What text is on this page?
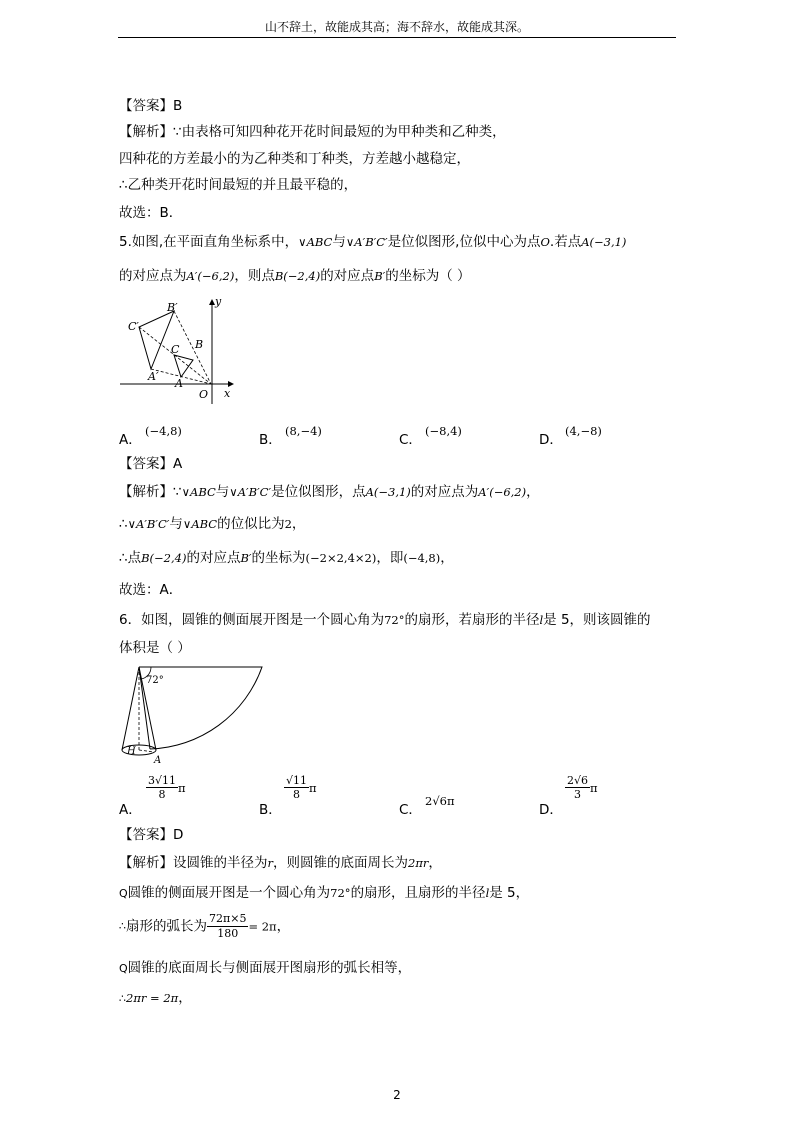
山不辞土，故能成其高；海不辞水，故能成其深。
【答案】B
【解析】∵由表格可知四种花开花时间最短的为甲种类和乙种类，
四种花的方差最小的为乙种类和丁种类，方差越小越稳定，
∴乙种类开花时间最短的并且最平稳的，
故选：B．
5.如图,在平面直角坐标系中，∨ABC与∨A′B′C′是位似图形,位似中心为点O.若点A(−3,1)
的对应点为A′(−6,2)，则点B(−2,4)的对应点B′的坐标为（ ）
B′
C′
A′
B
C
A
O x
y
A．
(−4,8)
B．
(8,−4)
C．
(−8,4)
D．
(4,−8)
【答案】A
【解析】∵∨ABC与∨A′B′C′是位似图形，点A(−3,1)的对应点为A′(−6,2)，
∴∨A′B′C′与∨ABC的位似比为2，
∴点B(−2,4)的对应点B′的坐标为(−2×2,4×2)，即(−4,8)，
故选：A．
6．如图，圆锥的侧面展开图是一个圆心角为72°的扇形，若扇形的半径l是 5，则该圆锥的
体积是（ ）
72°
H
A
A．
$\frac{3√11}{8}$ π
B．
$\frac{√11}{8}$ π
C．
2√6π
D．
$\frac{2√6}{3}$ π
【答案】D
【解析】设圆锥的半径为r，则圆锥的底面周长为2πr，
Q圆锥的侧面展开图是一个圆心角为72°的扇形，且扇形的半径l是 5，
∴扇形的弧长为 $\frac{72\pi\times 5}{180} = 2\pi$，
Q圆锥的底面周长与侧面展开图扇形的弧长相等，
∴2πr = 2π，
2
